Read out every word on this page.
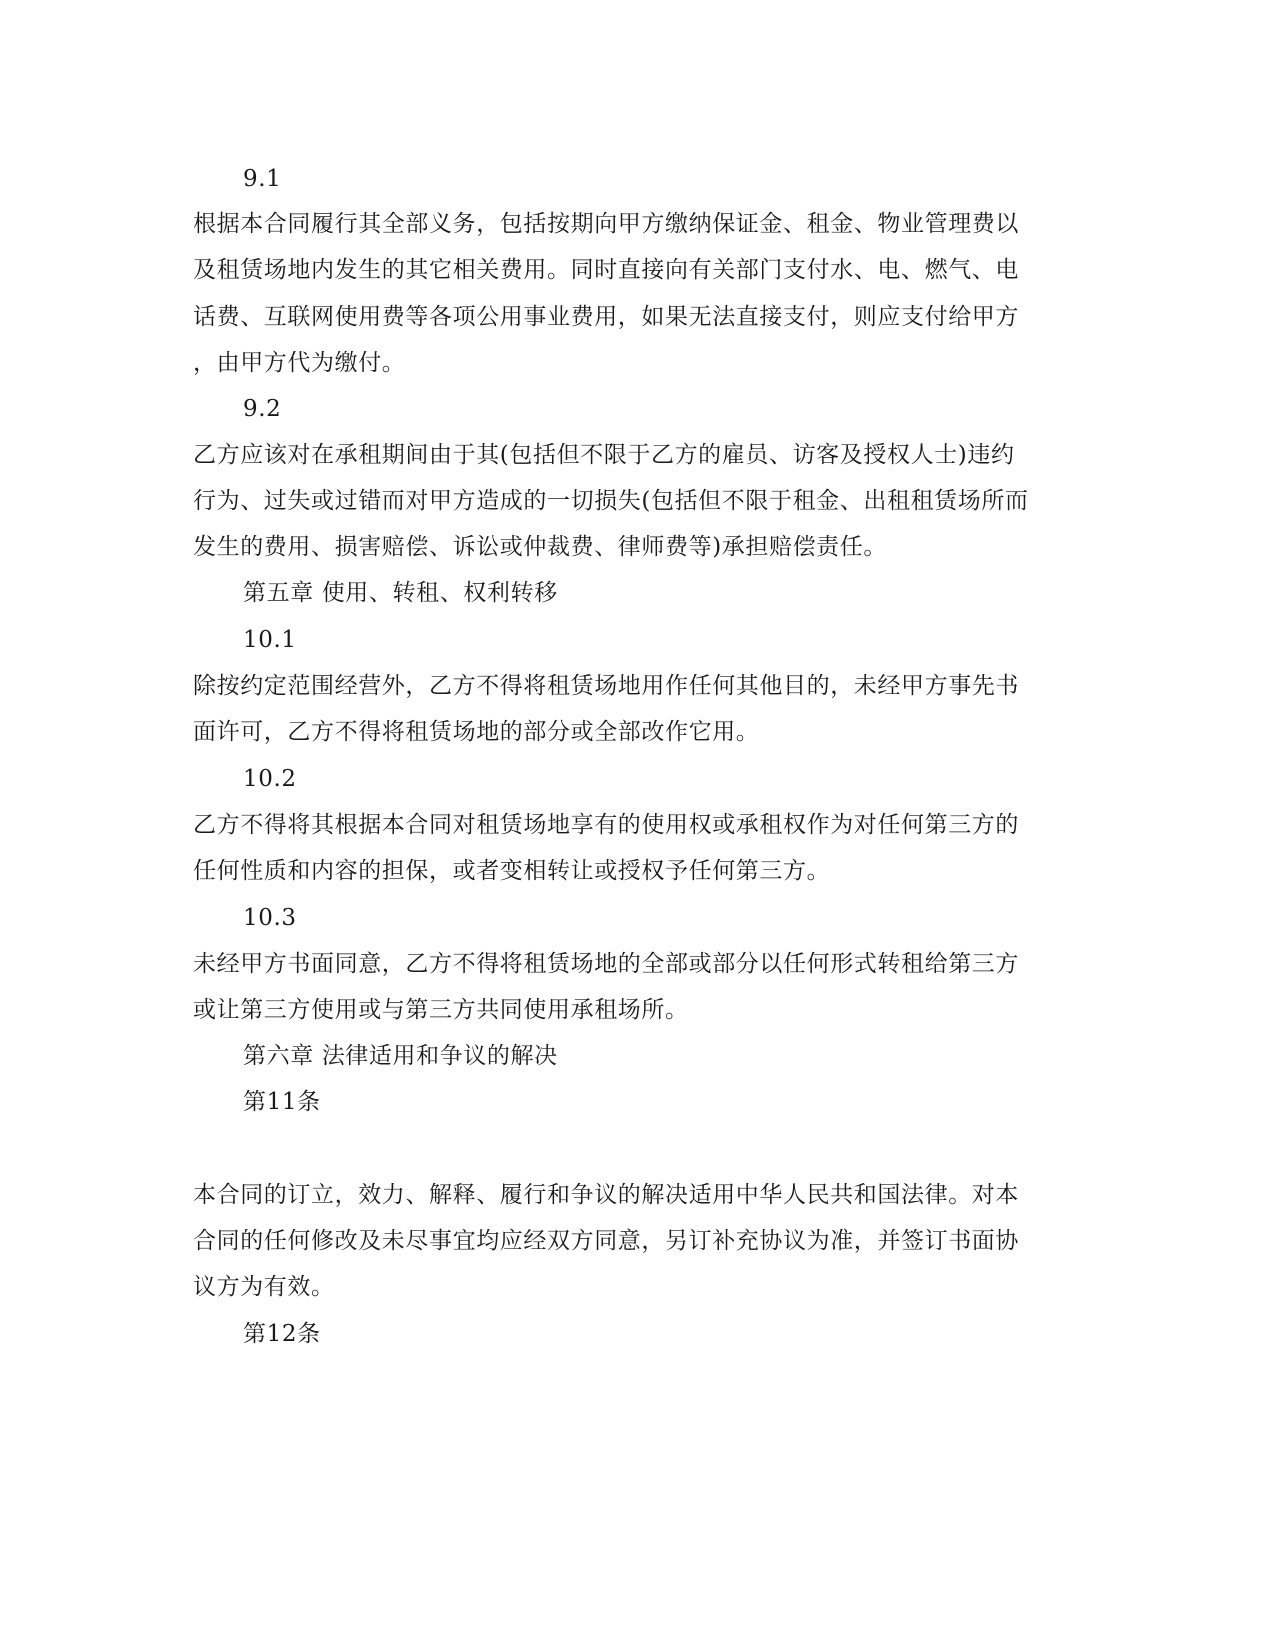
9.1
根据本合同履行其全部义务，包括按期向甲方缴纳保证金、租金、物业管理费以
及租赁场地内发生的其它相关费用。同时直接向有关部门支付水、电、燃气、电
话费、互联网使用费等各项公用事业费用，如果无法直接支付，则应支付给甲方
，由甲方代为缴付。
9.2
乙方应该对在承租期间由于其(包括但不限于乙方的雇员、访客及授权人士)违约
行为、过失或过错而对甲方造成的一切损失(包括但不限于租金、出租租赁场所而
发生的费用、损害赔偿、诉讼或仲裁费、律师费等)承担赔偿责任。
第五章 使用、转租、权利转移
10.1
除按约定范围经营外，乙方不得将租赁场地用作任何其他目的，未经甲方事先书
面许可，乙方不得将租赁场地的部分或全部改作它用。
10.2
乙方不得将其根据本合同对租赁场地享有的使用权或承租权作为对任何第三方的
任何性质和内容的担保，或者变相转让或授权予任何第三方。
10.3
未经甲方书面同意，乙方不得将租赁场地的全部或部分以任何形式转租给第三方
或让第三方使用或与第三方共同使用承租场所。
第六章 法律适用和争议的解决
第11条
本合同的订立，效力、解释、履行和争议的解决适用中华人民共和国法律。对本
合同的任何修改及未尽事宜均应经双方同意，另订补充协议为准，并签订书面协
议方为有效。
第12条
